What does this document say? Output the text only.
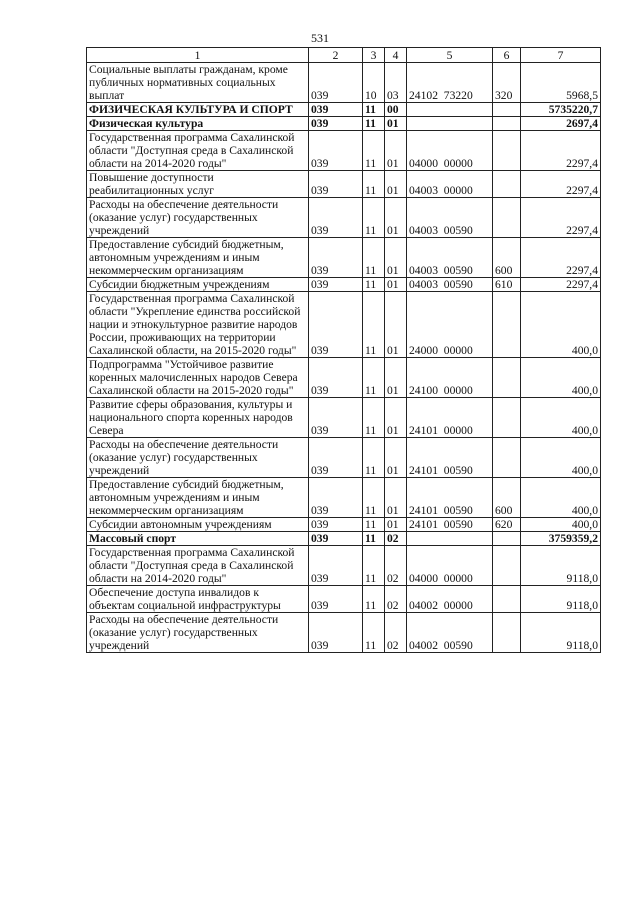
531
1	2	3	4	5	6	7
Социальные выплаты гражданам, кроме публичных нормативных социальных выплат	039	10	03	24102  73220	320	5968,5
ФИЗИЧЕСКАЯ КУЛЬТУРА И СПОРТ	039	11	00			5735220,7
Физическая культура	039	11	01			2697,4
Государственная программа Сахалинской области "Доступная среда в Сахалинской области на 2014-2020 годы"	039	11	01	04000  00000		2297,4
Повышение доступности реабилитационных услуг	039	11	01	04003  00000		2297,4
Расходы на обеспечение деятельности (оказание услуг) государственных учреждений	039	11	01	04003  00590		2297,4
Предоставление субсидий бюджетным, автономным учреждениям и иным некоммерческим организациям	039	11	01	04003  00590	600	2297,4
Субсидии бюджетным учреждениям	039	11	01	04003  00590	610	2297,4
Государственная программа Сахалинской области "Укрепление единства российской нации и этнокультурное развитие народов России, проживающих на территории Сахалинской области, на 2015-2020 годы"	039	11	01	24000  00000		400,0
Подпрограмма "Устойчивое развитие коренных малочисленных народов Севера Сахалинской области на 2015-2020 годы"	039	11	01	24100  00000		400,0
Развитие сферы образования, культуры и национального спорта коренных народов Севера	039	11	01	24101  00000		400,0
Расходы на обеспечение деятельности (оказание услуг) государственных учреждений	039	11	01	24101  00590		400,0
Предоставление субсидий бюджетным, автономным учреждениям и иным некоммерческим организациям	039	11	01	24101  00590	600	400,0
Субсидии автономным учреждениям	039	11	01	24101  00590	620	400,0
Массовый спорт	039	11	02			3759359,2
Государственная программа Сахалинской области "Доступная среда в Сахалинской области на 2014-2020 годы"	039	11	02	04000  00000		9118,0
Обеспечение доступа инвалидов к объектам социальной инфраструктуры	039	11	02	04002  00000		9118,0
Расходы на обеспечение деятельности (оказание услуг) государственных учреждений	039	11	02	04002  00590		9118,0
